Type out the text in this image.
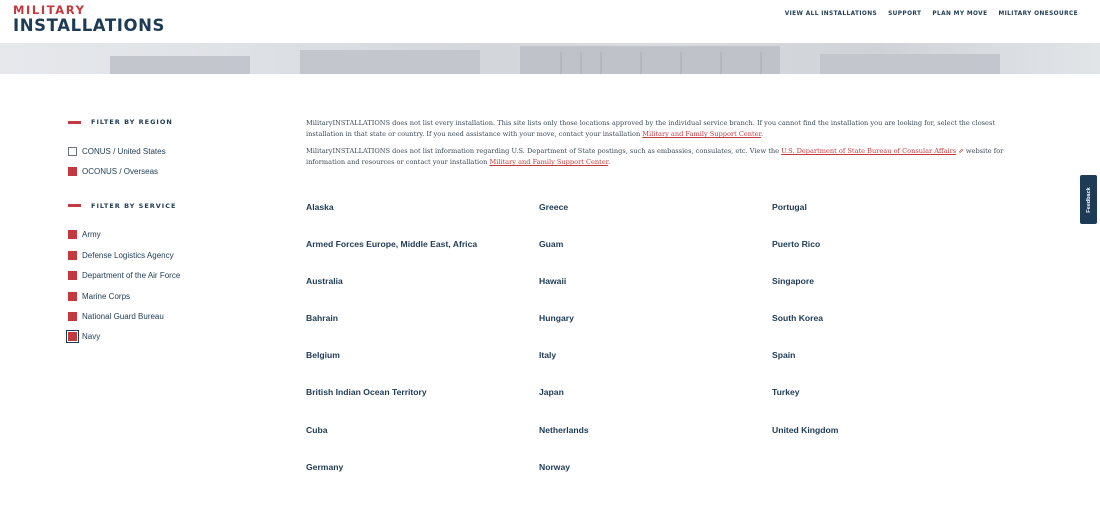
MILITARY
INSTALLATIONS
VIEW ALL INSTALLATIONS SUPPORT PLAN MY MOVE MILITARY ONESOURCE
FILTER BY REGION
CONUS / United States
OCONUS / Overseas
FILTER BY SERVICE
Army
Defense Logistics Agency
Department of the Air Force
Marine Corps
National Guard Bureau
Navy

MilitaryINSTALLATIONS does not list every installation. This site lists only those locations approved by the individual service branch. If you cannot find the installation you are looking for, select the closest installation in that state or country. If you need assistance with your move, contact your installation Military and Family Support Center.

MilitaryINSTALLATIONS does not list information regarding U.S. Department of State postings, such as embassies, consulates, etc. View the U.S. Department of State Bureau of Consular Affairs ⇗ website for information and resources or contact your installation Military and Family Support Center.

Alaska
Armed Forces Europe, Middle East, Africa
Australia
Bahrain
Belgium
British Indian Ocean Territory
Cuba
Germany
Greece
Guam
Hawaii
Hungary
Italy
Japan
Netherlands
Norway
Portugal
Puerto Rico
Singapore
South Korea
Spain
Turkey
United Kingdom
Feedback
